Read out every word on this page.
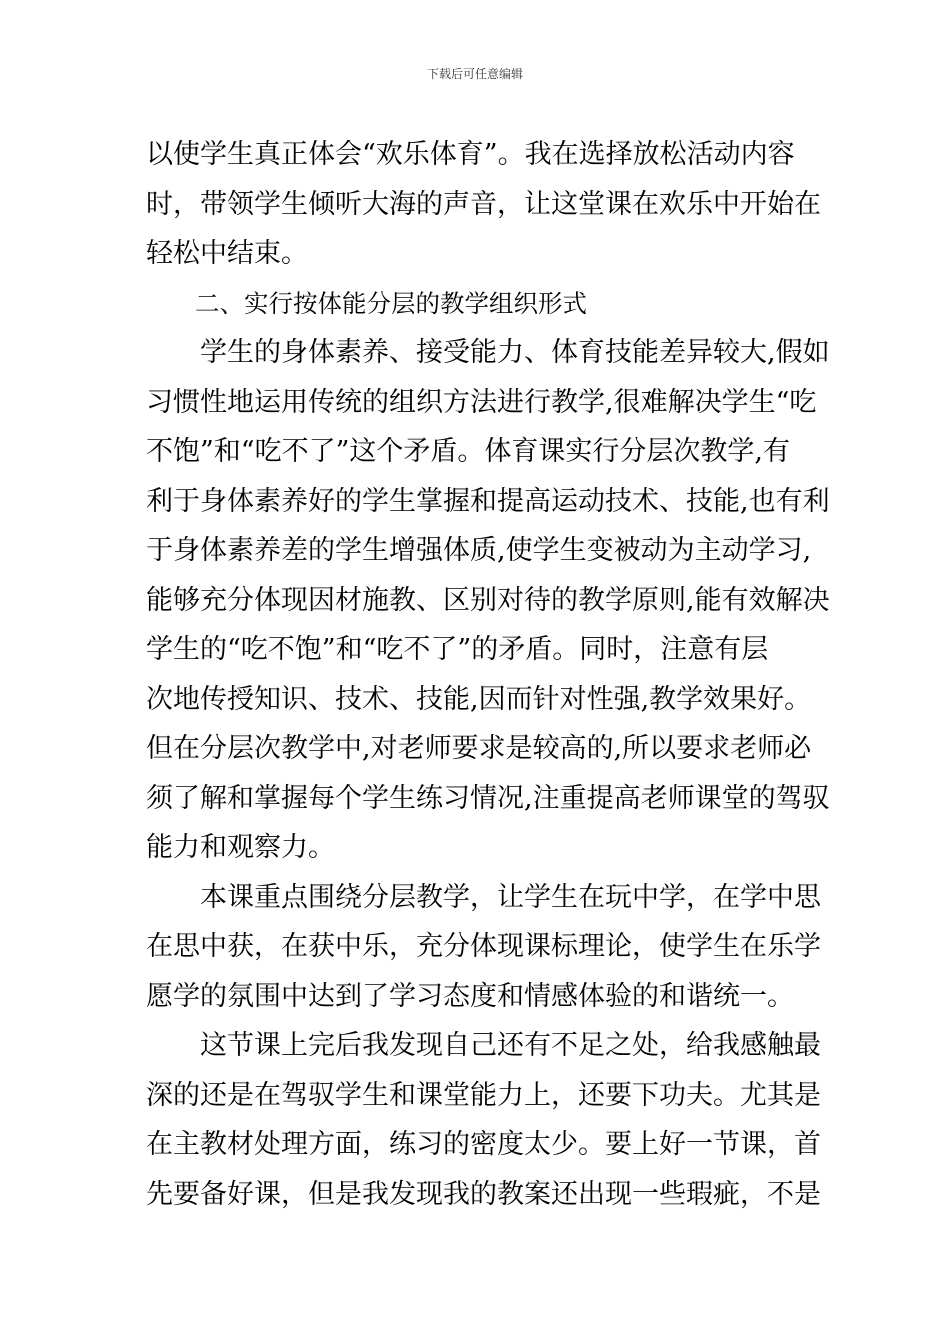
下载后可任意编辑
以使学生真正体会“欢乐体育”。我在选择放松活动内容
时，带领学生倾听大海的声音，让这堂课在欢乐中开始在
轻松中结束。
　　二、实行按体能分层的教学组织形式
　　学生的身体素养、接受能力、体育技能差异较大,假如
习惯性地运用传统的组织方法进行教学,很难解决学生“吃
不饱”和“吃不了”这个矛盾。体育课实行分层次教学,有
利于身体素养好的学生掌握和提高运动技术、技能,也有利
于身体素养差的学生增强体质,使学生变被动为主动学习,
能够充分体现因材施教、区别对待的教学原则,能有效解决
学生的“吃不饱”和“吃不了”的矛盾。同时，注意有层
次地传授知识、技术、技能,因而针对性强,教学效果好。
但在分层次教学中,对老师要求是较高的,所以要求老师必
须了解和掌握每个学生练习情况,注重提高老师课堂的驾驭
能力和观察力。
　　本课重点围绕分层教学，让学生在玩中学，在学中思
在思中获，在获中乐，充分体现课标理论，使学生在乐学
愿学的氛围中达到了学习态度和情感体验的和谐统一。
　　这节课上完后我发现自己还有不足之处，给我感触最
深的还是在驾驭学生和课堂能力上，还要下功夫。尤其是
在主教材处理方面，练习的密度太少。要上好一节课，首
先要备好课，但是我发现我的教案还出现一些瑕疵，不是
